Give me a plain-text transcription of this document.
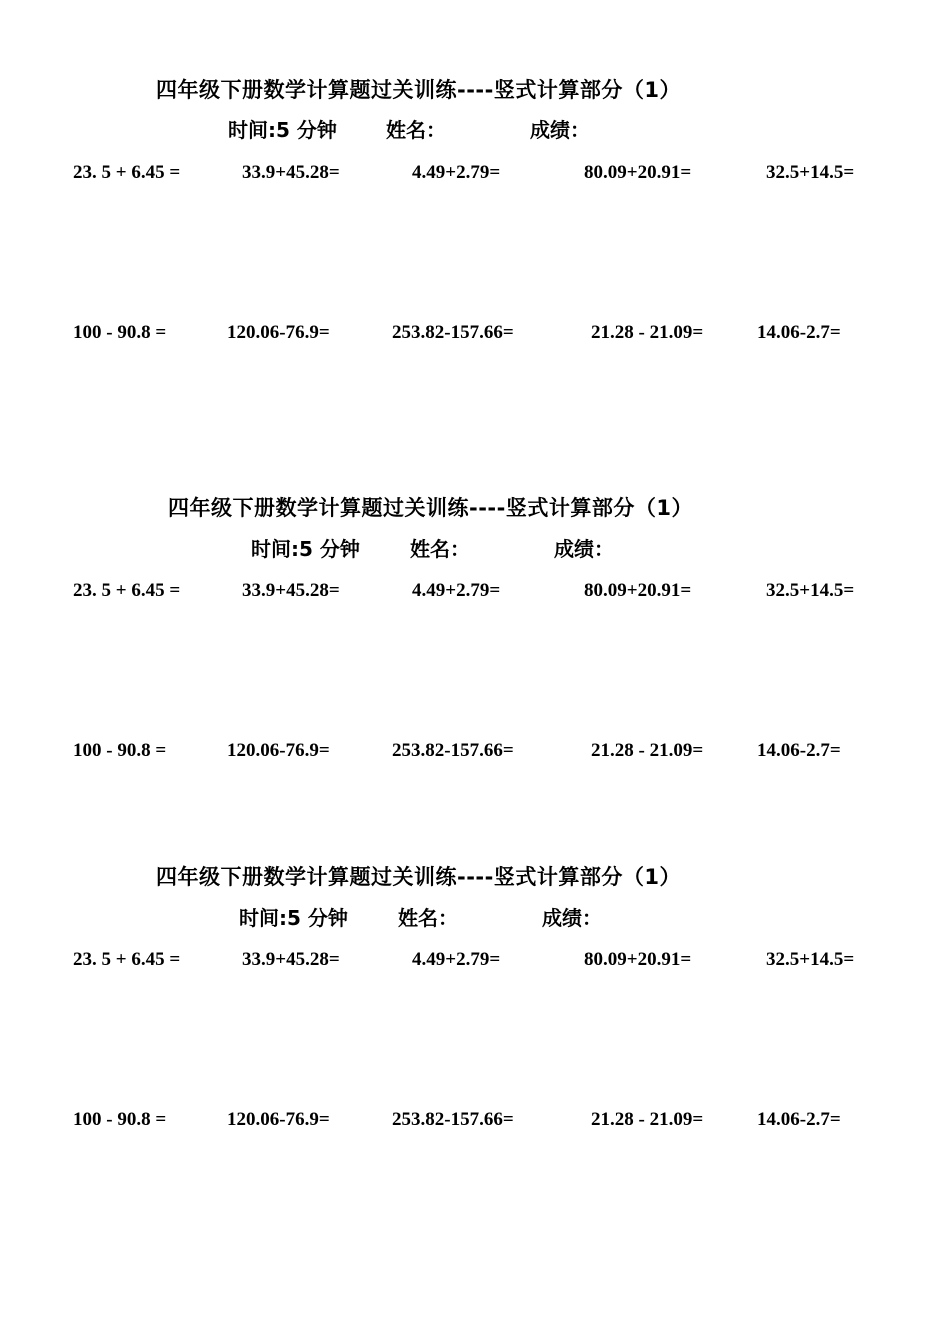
四年级下册数学计算题过关训练----竖式计算部分（1）
时间:5 分钟 姓名：	成绩：
23. 5 + 6.45 =	33.9+45.28=	4.49+2.79=	80.09+20.91=	32.5+14.5=
100 - 90.8 =	120.06-76.9=	253.82-157.66=	21.28 - 21.09=	14.06-2.7=
四年级下册数学计算题过关训练----竖式计算部分（1）
时间:5 分钟	姓名：	成绩：
23. 5 + 6.45 =	33.9+45.28=	4.49+2.79=	80.09+20.91=	32.5+14.5=
100 - 90.8 =	120.06-76.9=	253.82-157.66=	21.28 - 21.09=	14.06-2.7=
四年级下册数学计算题过关训练----竖式计算部分（1）
时间:5 分钟	姓名：	成绩：
23. 5 + 6.45 =	33.9+45.28=	4.49+2.79=	80.09+20.91=	32.5+14.5=
100 - 90.8 =	120.06-76.9=	253.82-157.66=	21.28 - 21.09=	14.06-2.7=
